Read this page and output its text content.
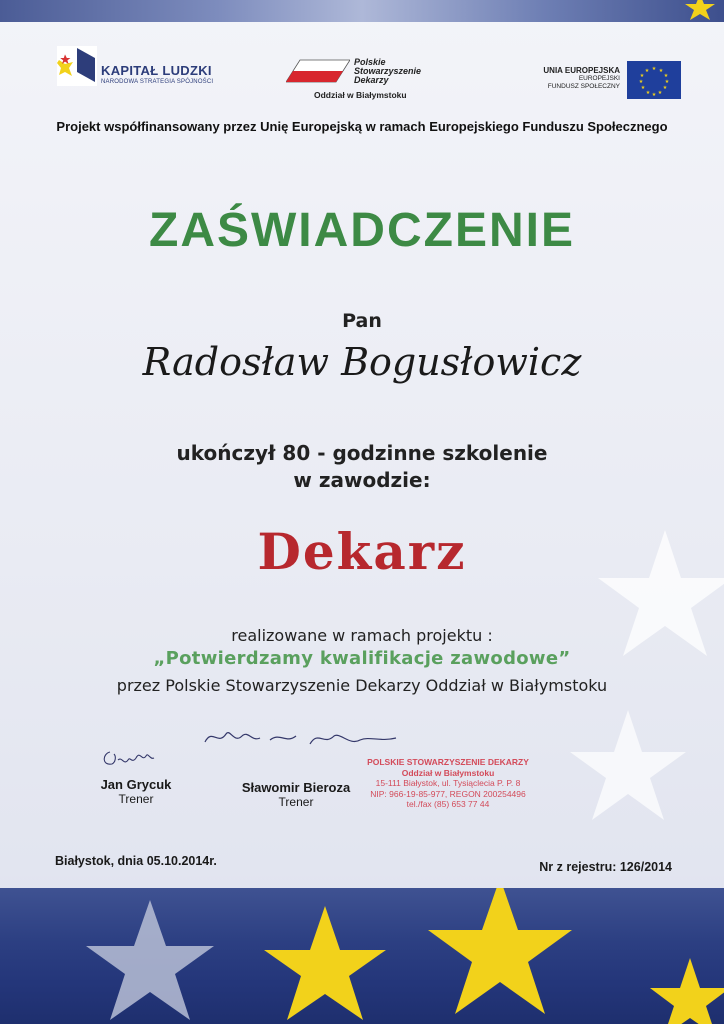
KAPITAŁ LUDZKI
NARODOWA STRATEGIA SPÓJNOŚCI
Polskie
Stowarzyszenie
Dekarzy
Oddział w Białymstoku
UNIA EUROPEJSKA
EUROPEJSKI
FUNDUSZ SPOŁECZNY
★ ★
★
★
★
★
★
★
★
★
★
★
Projekt współfinansowany przez Unię Europejską w ramach Europejskiego Funduszu Społecznego
ZAŚWIADCZENIE
Pan
Radosław Bogusłowicz
ukończył 80 - godzinne szkolenie
w zawodzie:
Dekarz
realizowane w ramach projektu :
„Potwierdzamy kwalifikacje zawodowe”
przez Polskie Stowarzyszenie Dekarzy Oddział w Białymstoku
Jan Grycuk
Trener
Sławomir Bieroza
Trener
POLSKIE STOWARZYSZENIE DEKARZY
Oddział w Białymstoku
15-111 Białystok, ul. Tysiąclecia P. P. 8
NIP: 966-19-85-977, REGON 200254496
tel./fax (85) 653 77 44
Białystok, dnia 05.10.2014r.	Nr z rejestru: 126/2014
